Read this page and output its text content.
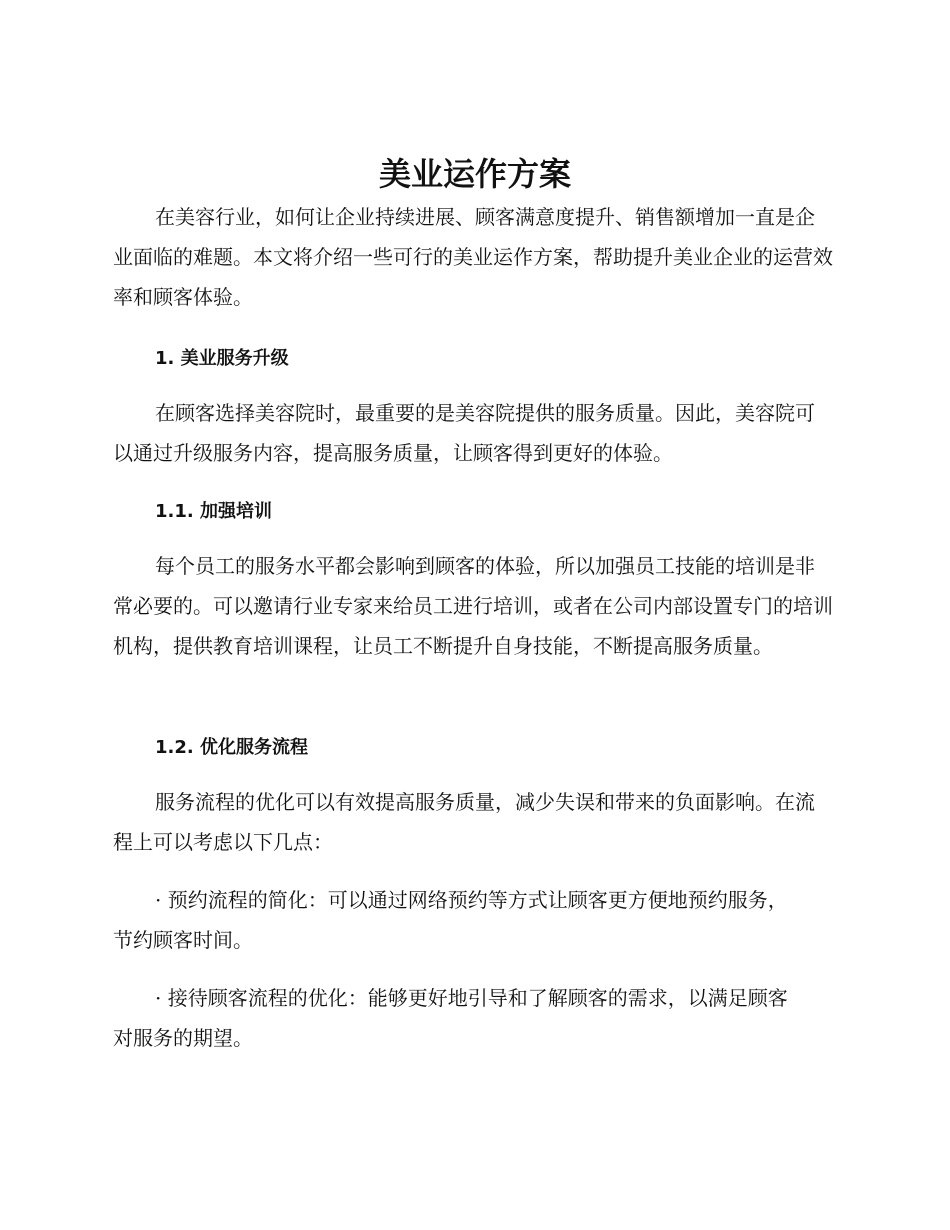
美业运作方案

在美容行业，如何让企业持续进展、顾客满意度提升、销售额增加一直是企业面临的难题。本文将介绍一些可行的美业运作方案，帮助提升美业企业的运营效率和顾客体验。

1. 美业服务升级

在顾客选择美容院时，最重要的是美容院提供的服务质量。因此，美容院可以通过升级服务内容，提高服务质量，让顾客得到更好的体验。

1.1. 加强培训

每个员工的服务水平都会影响到顾客的体验，所以加强员工技能的培训是非常必要的。可以邀请行业专家来给员工进行培训，或者在公司内部设置专门的培训机构，提供教育培训课程，让员工不断提升自身技能，不断提高服务质量。

1.2. 优化服务流程

服务流程的优化可以有效提高服务质量，减少失误和带来的负面影响。在流程上可以考虑以下几点：

· 预约流程的简化：可以通过网络预约等方式让顾客更方便地预约服务，节约顾客时间。

· 接待顾客流程的优化：能够更好地引导和了解顾客的需求，以满足顾客对服务的期望。
